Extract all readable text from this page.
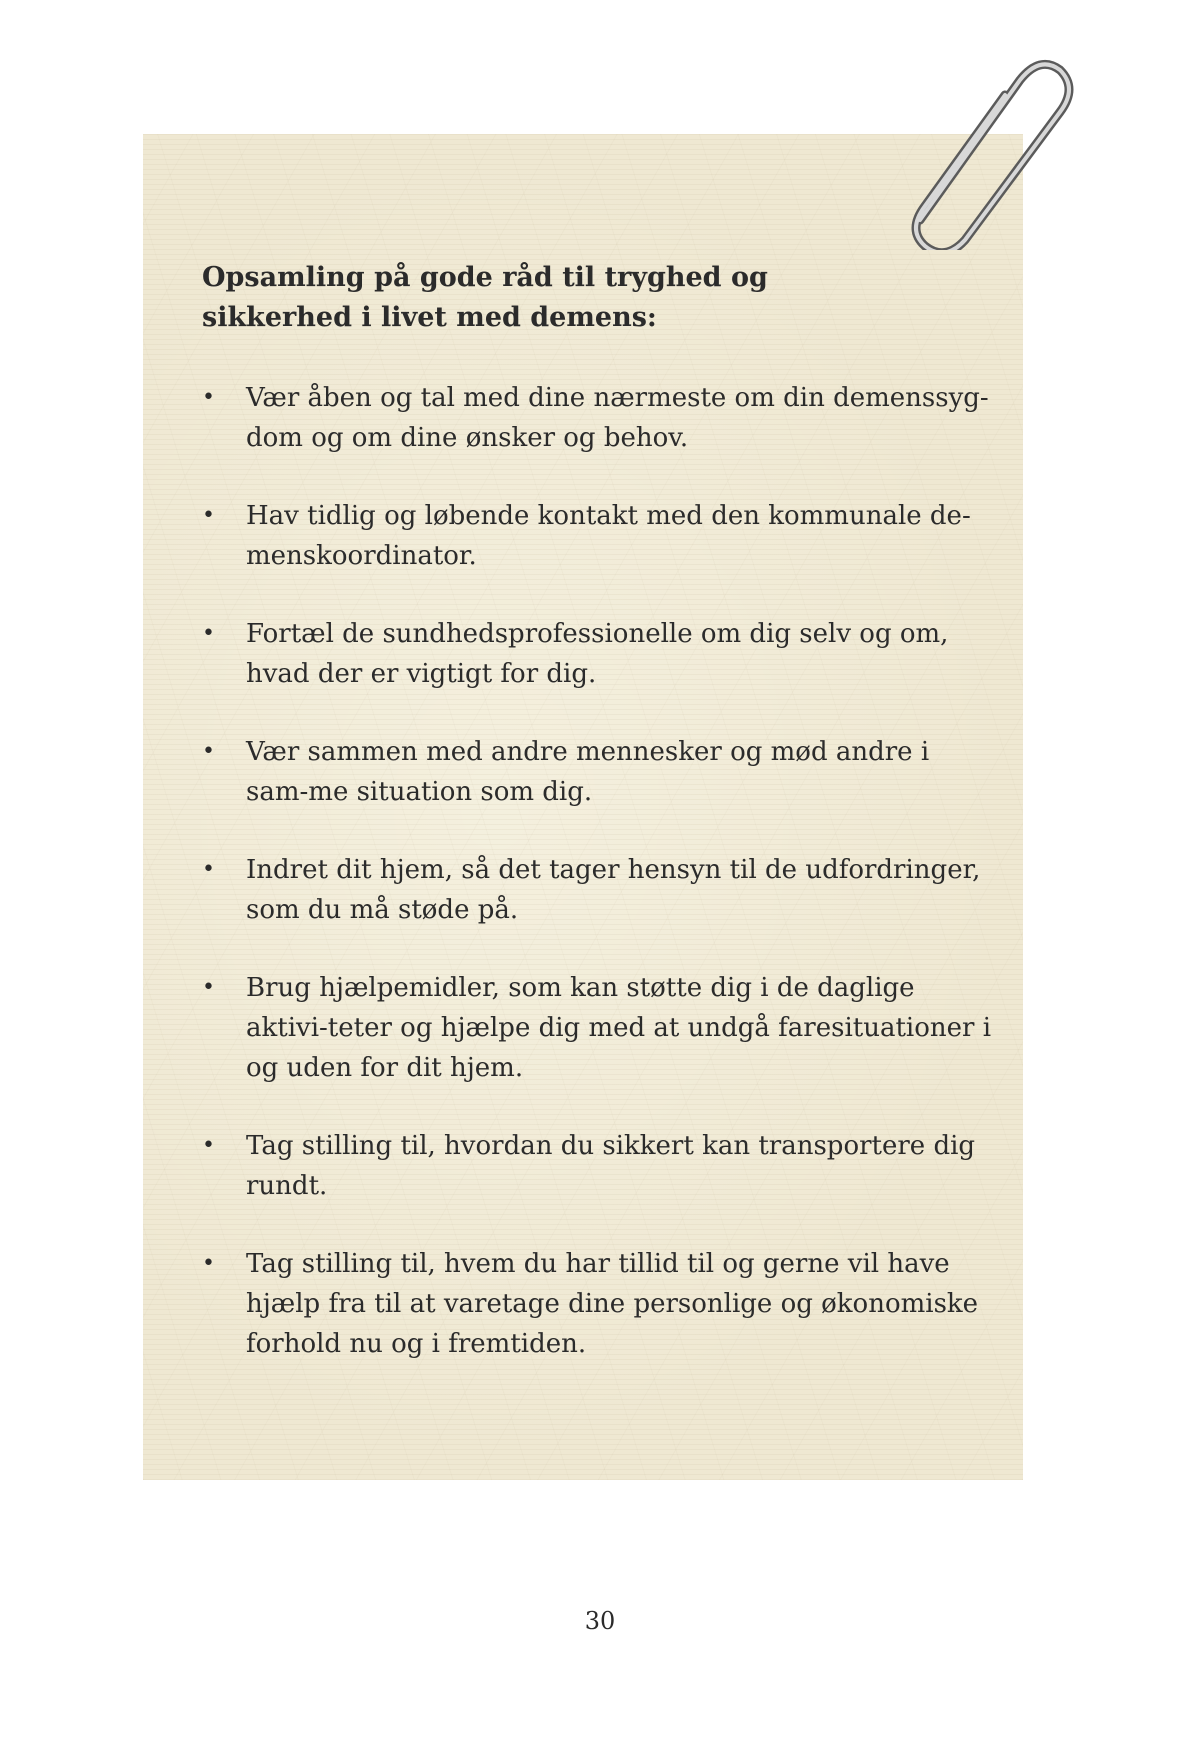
Opsamling på gode råd til tryghed og
sikkerhed i livet med demens:
• Vær åben og tal med dine nærmeste om din demenssyg-dom og om dine ønsker og behov.
• Hav tidlig og løbende kontakt med den kommunale de-menskoordinator.
• Fortæl de sundhedsprofessionelle om dig selv og om, hvad der er vigtigt for dig.
• Vær sammen med andre mennesker og mød andre i sam-me situation som dig.
• Indret dit hjem, så det tager hensyn til de udfordringer, som du må støde på.
• Brug hjælpemidler, som kan støtte dig i de daglige aktivi-teter og hjælpe dig med at undgå faresituationer i og uden for dit hjem.
• Tag stilling til, hvordan du sikkert kan transportere dig rundt.
• Tag stilling til, hvem du har tillid til og gerne vil have hjælp fra til at varetage dine personlige og økonomiske forhold nu og i fremtiden.
30
